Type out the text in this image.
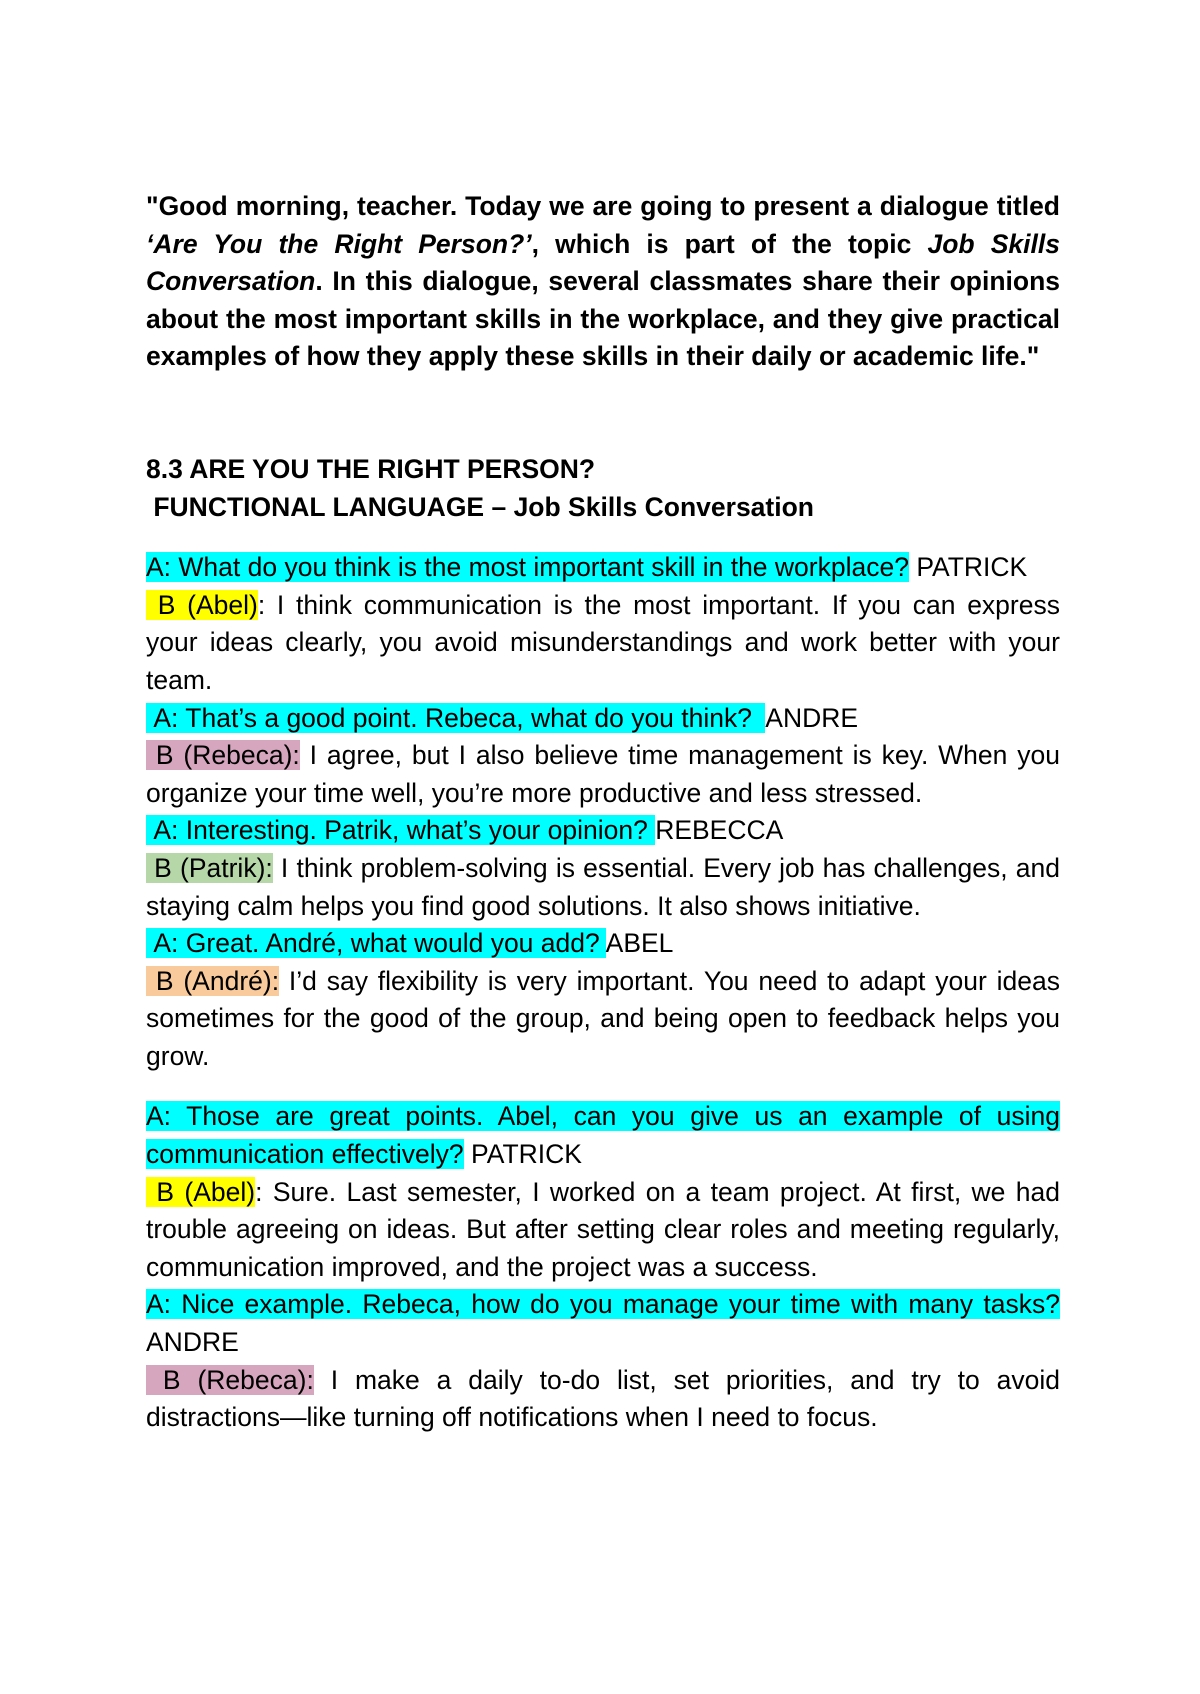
"Good morning, teacher. Today we are going to present a dialogue titled ‘Are You the Right Person?’, which is part of the topic Job Skills Conversation. In this dialogue, several classmates share their opinions about the most important skills in the workplace, and they give practical examples of how they apply these skills in their daily or academic life."

8.3 ARE YOU THE RIGHT PERSON?

FUNCTIONAL LANGUAGE – Job Skills Conversation

A: What do you think is the most important skill in the workplace? PATRICK

B (Abel): I think communication is the most important. If you can express your ideas clearly, you avoid misunderstandings and work better with your team.

A: That’s a good point. Rebeca, what do you think?  ANDRE

B (Rebeca): I agree, but I also believe time management is key. When you organize your time well, you’re more productive and less stressed.

A: Interesting. Patrik, what’s your opinion? REBECCA

B (Patrik): I think problem-solving is essential. Every job has challenges, and staying calm helps you find good solutions. It also shows initiative.

A: Great. André, what would you add? ABEL

B (André): I’d say flexibility is very important. You need to adapt your ideas sometimes for the good of the group, and being open to feedback helps you grow.

A: Those are great points. Abel, can you give us an example of using communication effectively? PATRICK

B (Abel): Sure. Last semester, I worked on a team project. At first, we had trouble agreeing on ideas. But after setting clear roles and meeting regularly, communication improved, and the project was a success.

A: Nice example. Rebeca, how do you manage your time with many tasks? ANDRE

B (Rebeca): I make a daily to-do list, set priorities, and try to avoid distractions—like turning off notifications when I need to focus.
